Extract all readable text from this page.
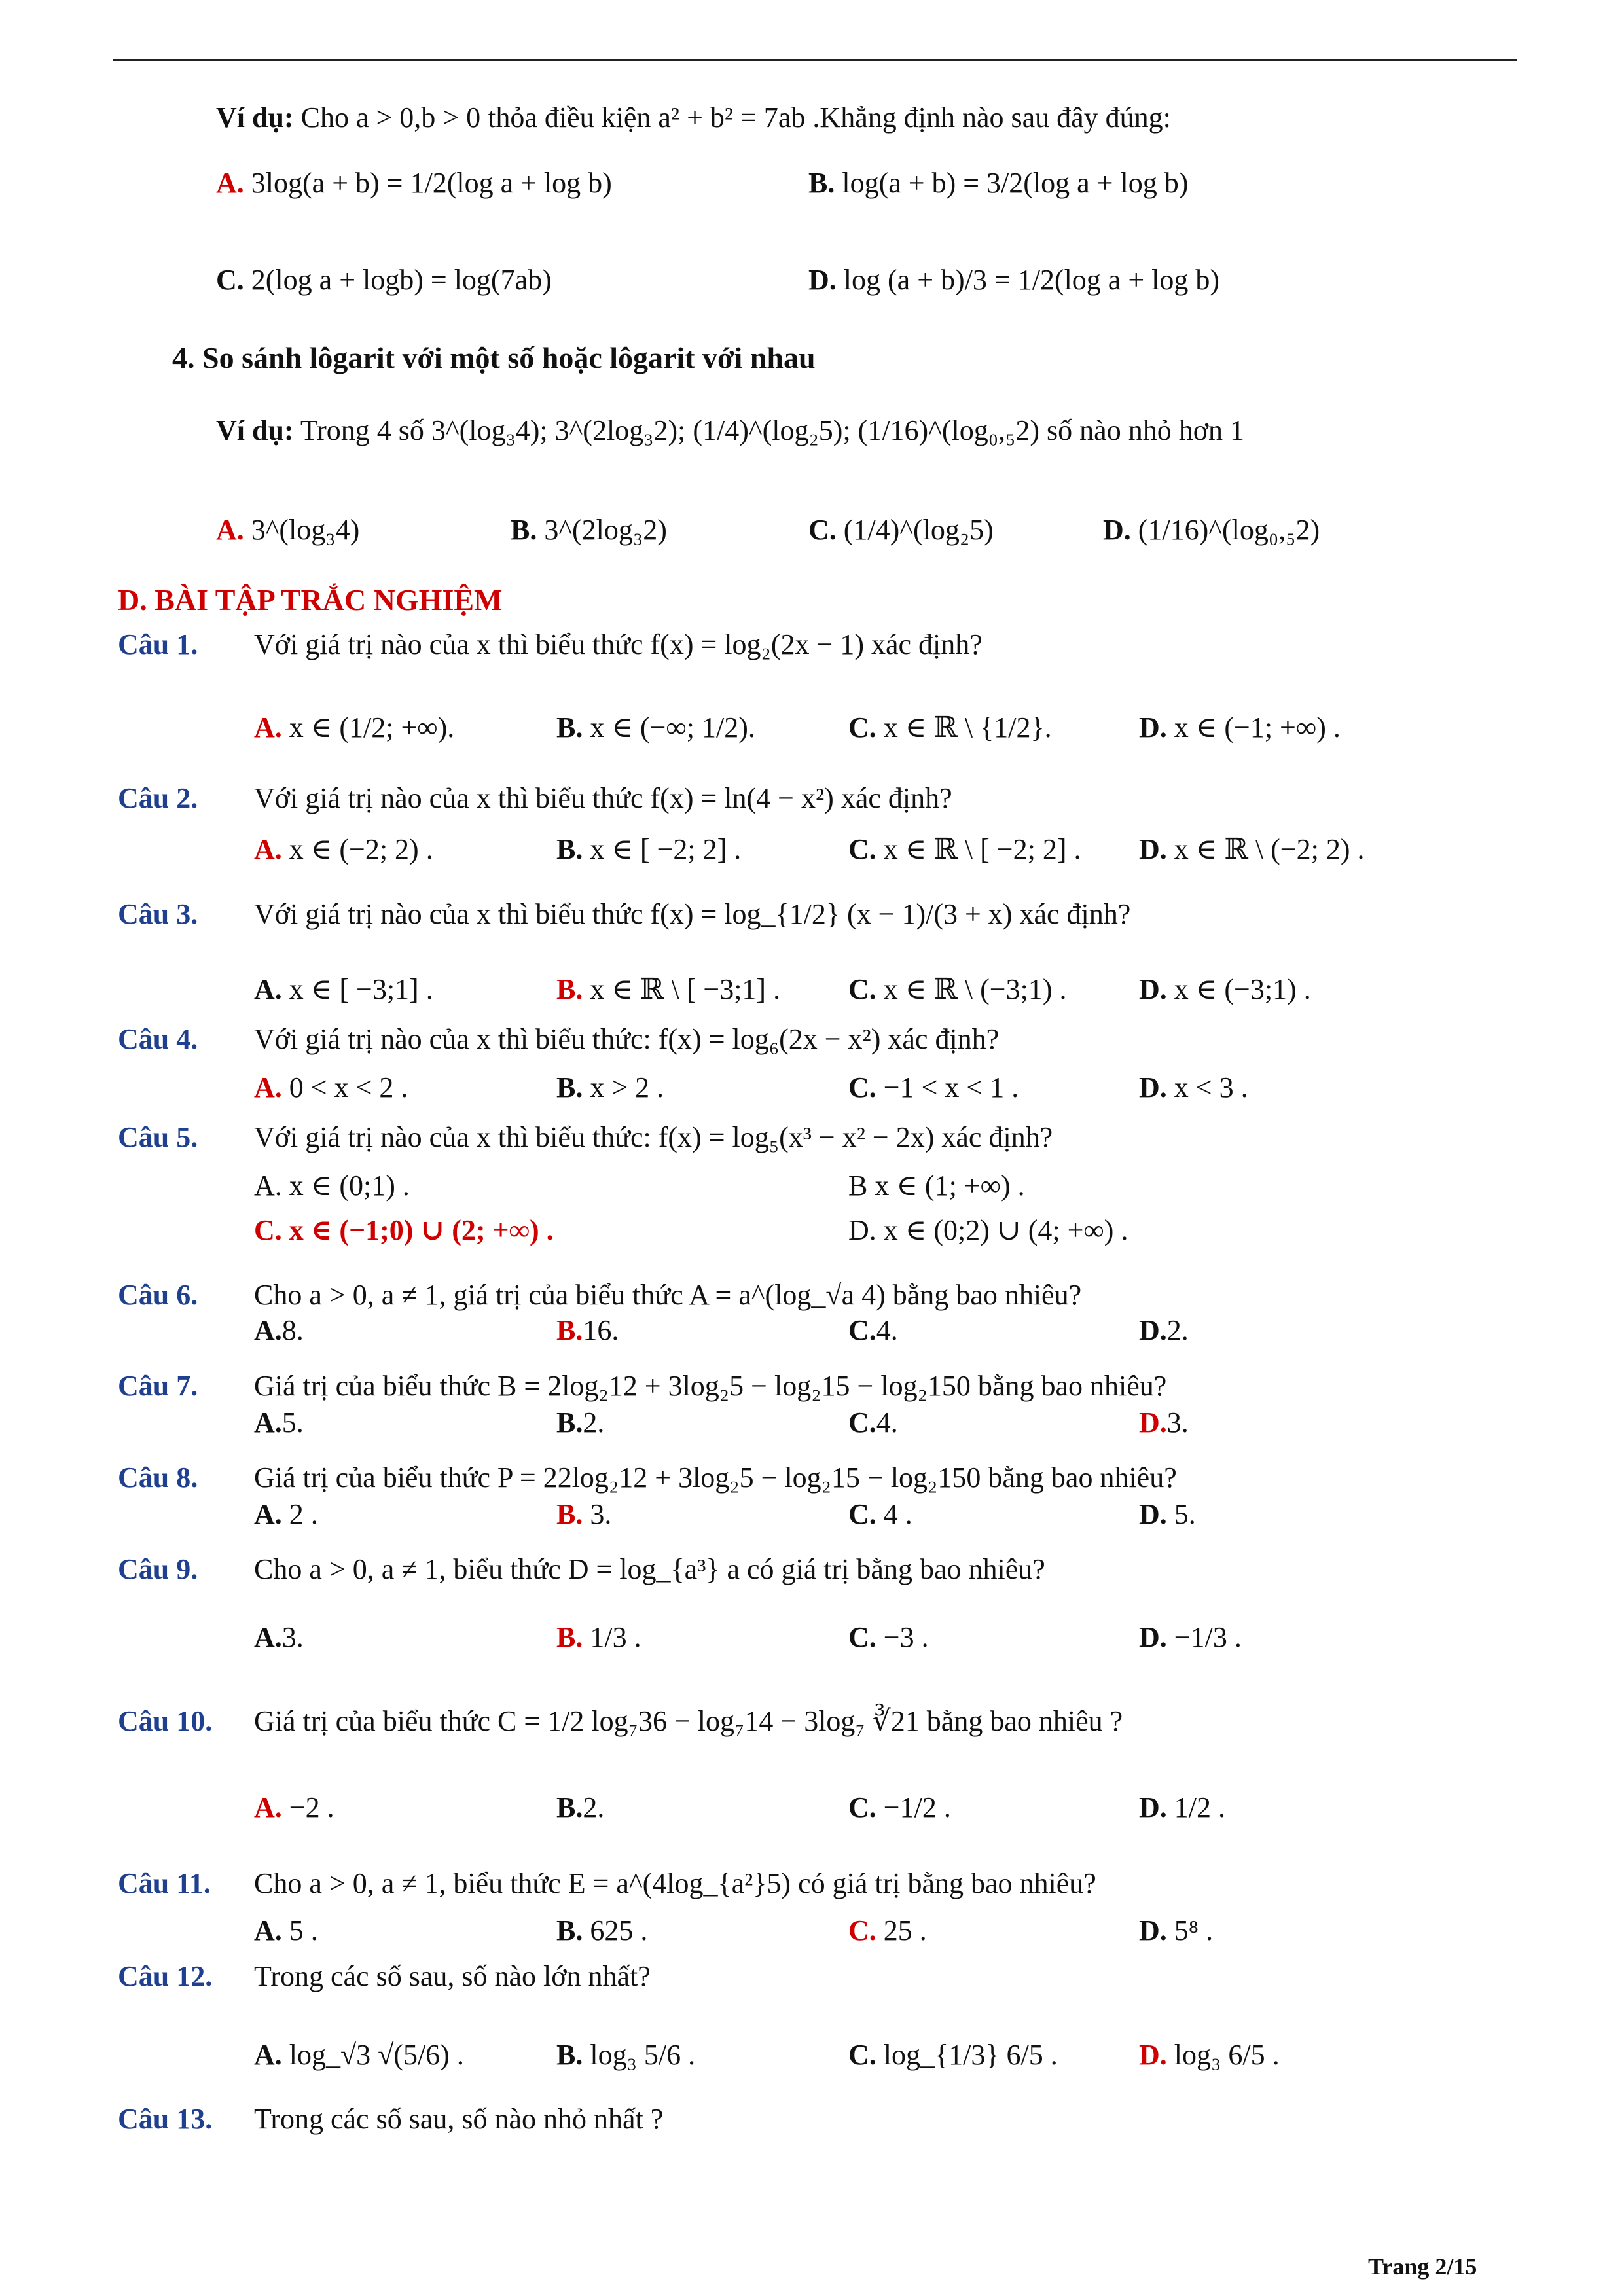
Ví dụ: Cho a > 0,b > 0 thỏa điều kiện a² + b² = 7ab .Khẳng định nào sau đây đúng:
A. 3log(a + b) = 1/2(log a + log b)	B. log(a + b) = 3/2(log a + log b)
C. 2(log a + logb) = log(7ab)	D. log (a + b)/3 = 1/2(log a + log b)
4. So sánh lôgarit với một số hoặc lôgarit với nhau
Ví dụ: Trong 4 số 3^(log₃4); 3^(2log₃2); (1/4)^(log₂5); (1/16)^(log₀,₅2) số nào nhỏ hơn 1
A. 3^(log₃4)	B. 3^(2log₃2)	C. (1/4)^(log₂5)	D. (1/16)^(log₀,₅2)
D. BÀI TẬP TRẮC NGHIỆM
Câu 1. Với giá trị nào của x thì biểu thức f(x) = log₂(2x − 1) xác định?
A. x ∈ (1/2; +∞).	B. x ∈ (−∞; 1/2).	C. x ∈ ℝ \ {1/2}.	D. x ∈ (−1; +∞) .
Câu 2. Với giá trị nào của x thì biểu thức f(x) = ln(4 − x²) xác định?
A. x ∈ (−2; 2) .	B. x ∈ [ −2; 2] .	C. x ∈ ℝ \ [ −2; 2] . D. x ∈ ℝ \ (−2; 2) .
Câu 3. Với giá trị nào của x thì biểu thức f(x) = log_{1/2} (x − 1)/(3 + x) xác định?
A. x ∈ [ −3;1] .	B. x ∈ ℝ \ [ −3;1] . C. x ∈ ℝ \ (−3;1) .	D. x ∈ (−3;1) .
Câu 4. Với giá trị nào của x thì biểu thức: f(x) = log₆(2x − x²) xác định?
A. 0 < x < 2 .	B. x > 2 .	C. −1 < x < 1 .	D. x < 3 .
Câu 5. Với giá trị nào của x thì biểu thức: f(x) = log₅(x³ − x² − 2x) xác định?
A. x ∈ (0;1) .	B x ∈ (1; +∞) .
C. x ∈ (−1;0) ∪ (2; +∞) .	D. x ∈ (0;2) ∪ (4; +∞) .
Câu 6. Cho a > 0, a ≠ 1, giá trị của biểu thức A = a^(log_√a 4) bằng bao nhiêu?
A.8.	B.16.	C.4.	D.2.
Câu 7. Giá trị của biểu thức B = 2log₂12 + 3log₂5 − log₂15 − log₂150 bằng bao nhiêu?
A.5.	B.2.	C.4.	D.3.
Câu 8. Giá trị của biểu thức P = 22log₂12 + 3log₂5 − log₂15 − log₂150 bằng bao nhiêu?
A. 2 .	B. 3.	C. 4 .	D. 5.
Câu 9. Cho a > 0, a ≠ 1, biểu thức D = log_{a³} a có giá trị bằng bao nhiêu?
A.3.	B. 1/3 .	C. −3 .	D. −1/3 .
Câu 10. Giá trị của biểu thức C = 1/2 log₇36 − log₇14 − 3log₇ ∛21 bằng bao nhiêu ?
A. −2 .	B.2.	C. −1/2 .	D. 1/2 .
Câu 11. Cho a > 0, a ≠ 1, biểu thức E = a^(4log_{a²}5) có giá trị bằng bao nhiêu?
A. 5 .	B. 625 .	C. 25 .	D. 5⁸ .
Câu 12. Trong các số sau, số nào lớn nhất?
A. log_√3 √(5/6) .	B. log₃ 5/6 .	C. log_{1/3} 6/5 .	D. log₃ 6/5 .
Câu 13. Trong các số sau, số nào nhỏ nhất ?
Trang 2/15
